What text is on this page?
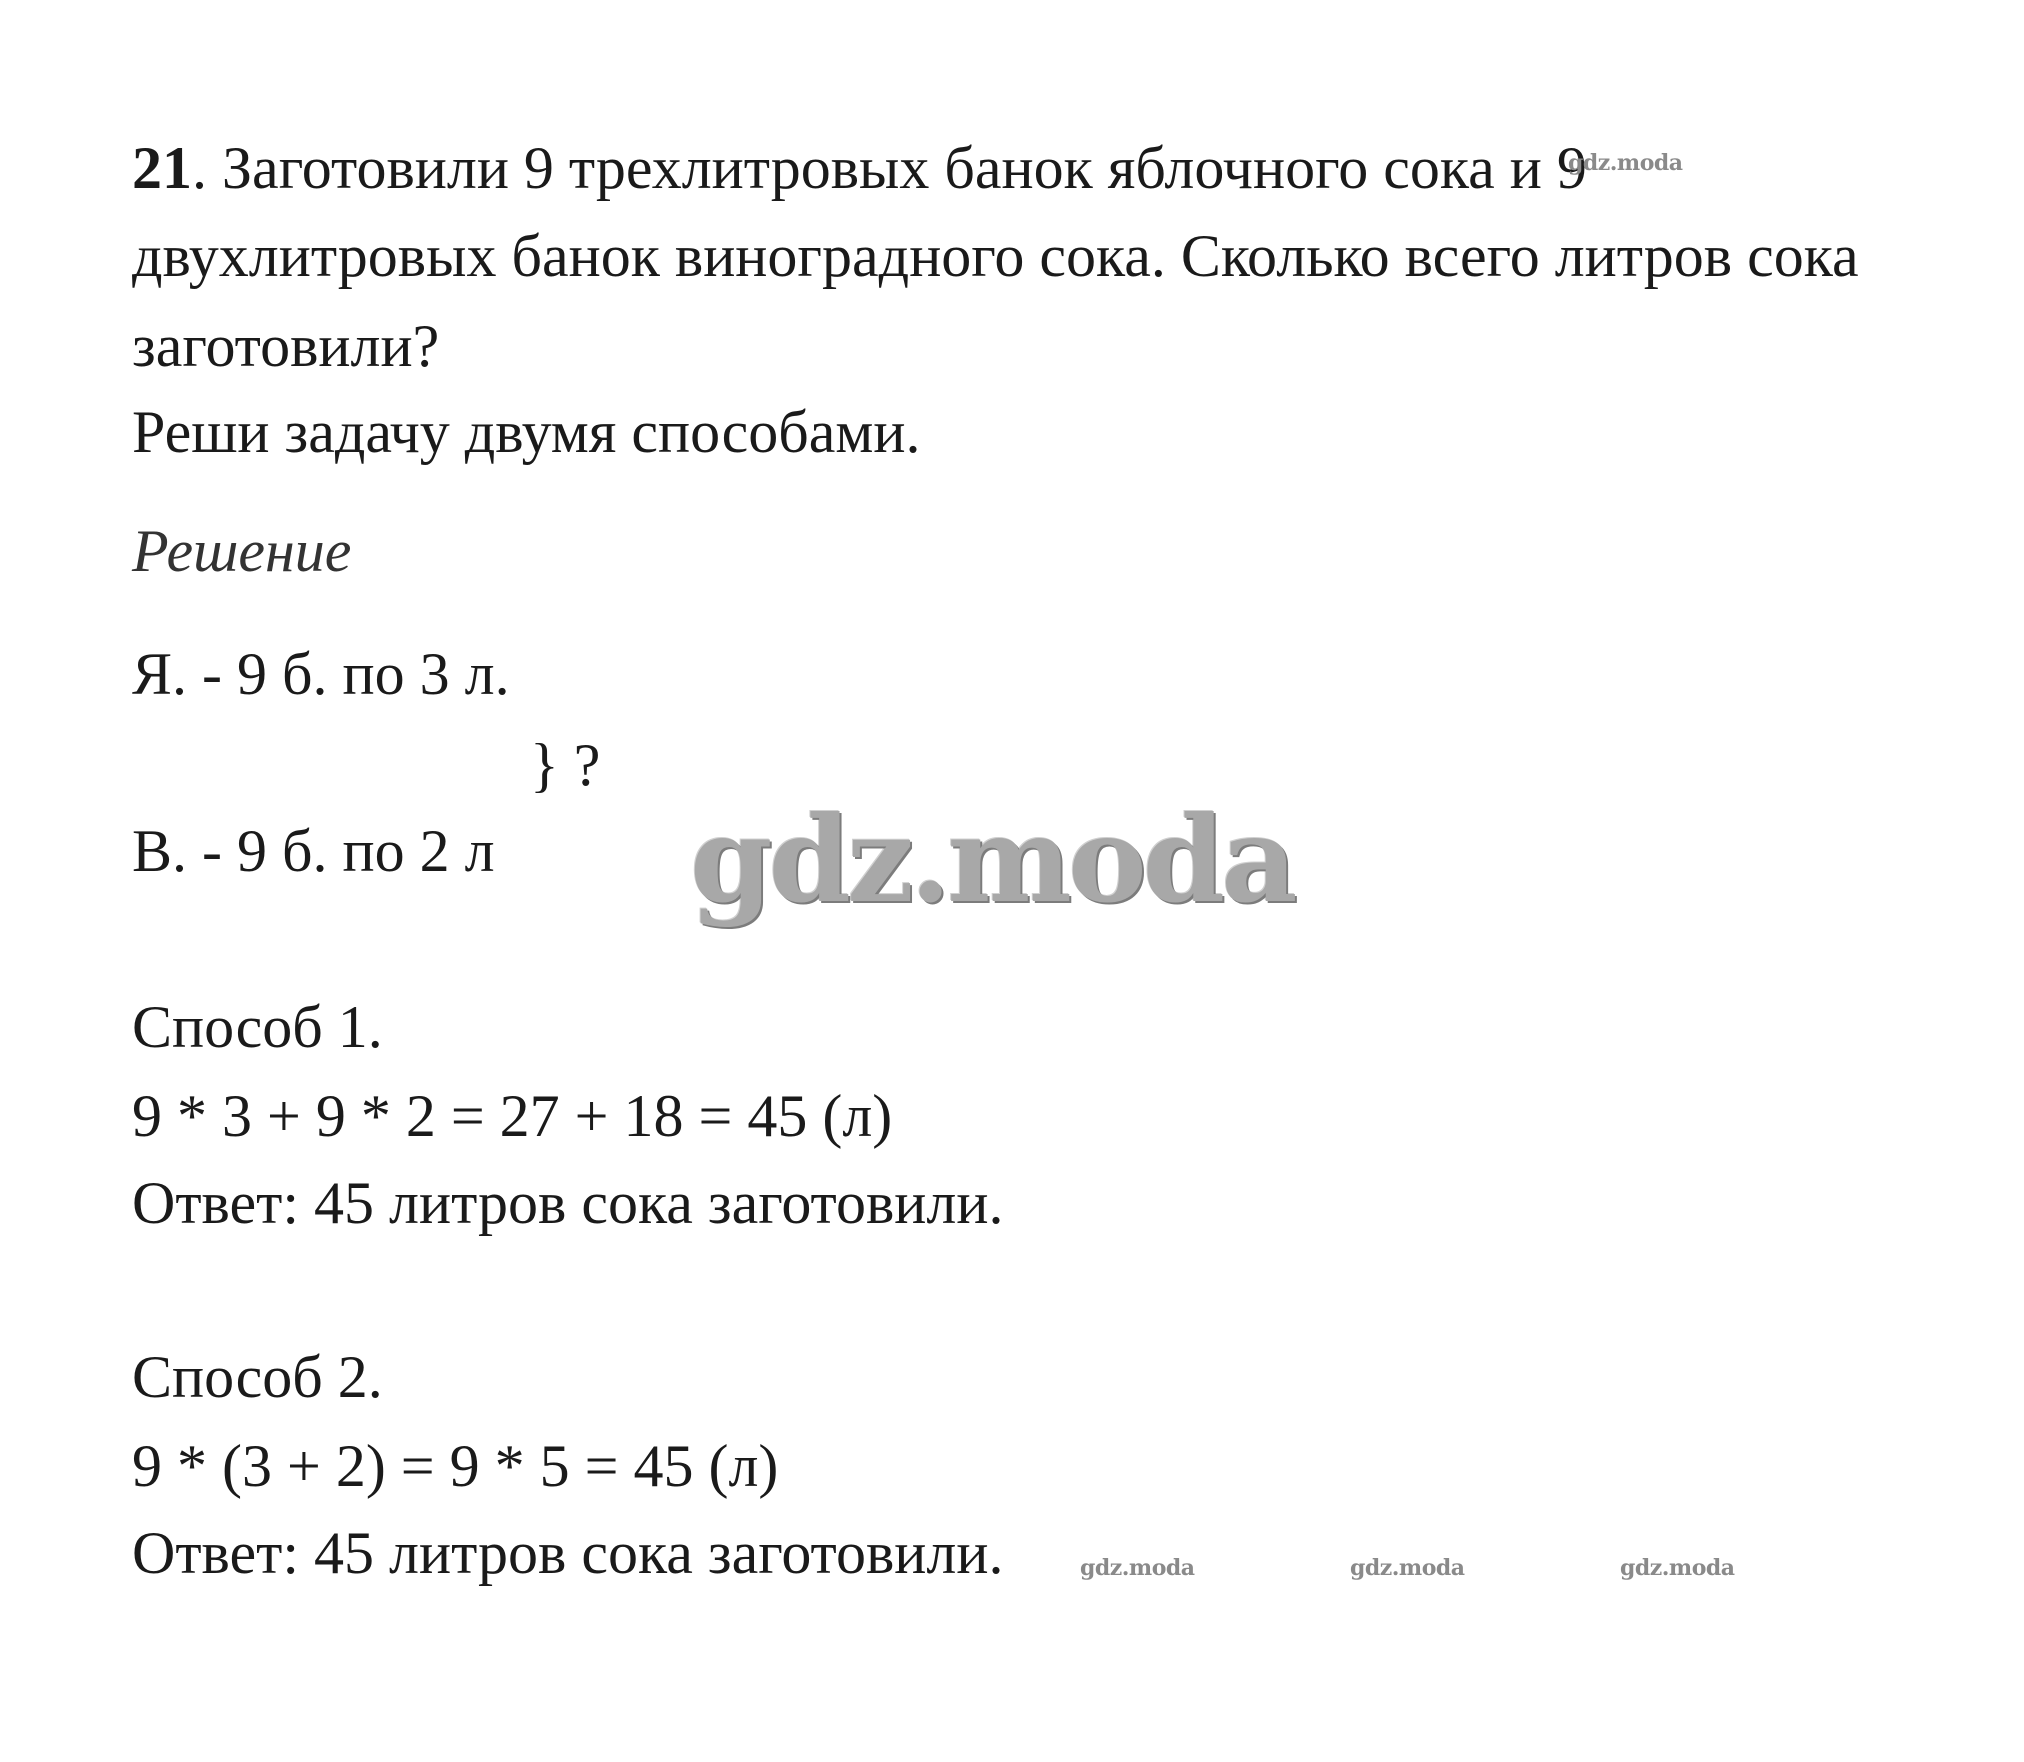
21. Заготовили 9 трехлитровых банок яблочного сока и 9
gdz.moda
двухлитровых банок виноградного сока. Сколько всего литров сока
заготовили?
Реши задачу двумя способами.
Решение
Я. - 9 б. по 3 л.
} ?
В. - 9 б. по 2 л gdz.moda
Способ 1.
9 * 3 + 9 * 2 = 27 + 18 = 45 (л)
Ответ: 45 литров сока заготовили.
Способ 2.
9 * (3 + 2) = 9 * 5 = 45 (л)
Ответ: 45 литров сока заготовили.	gdz.moda	gdz.moda	gdz.moda
